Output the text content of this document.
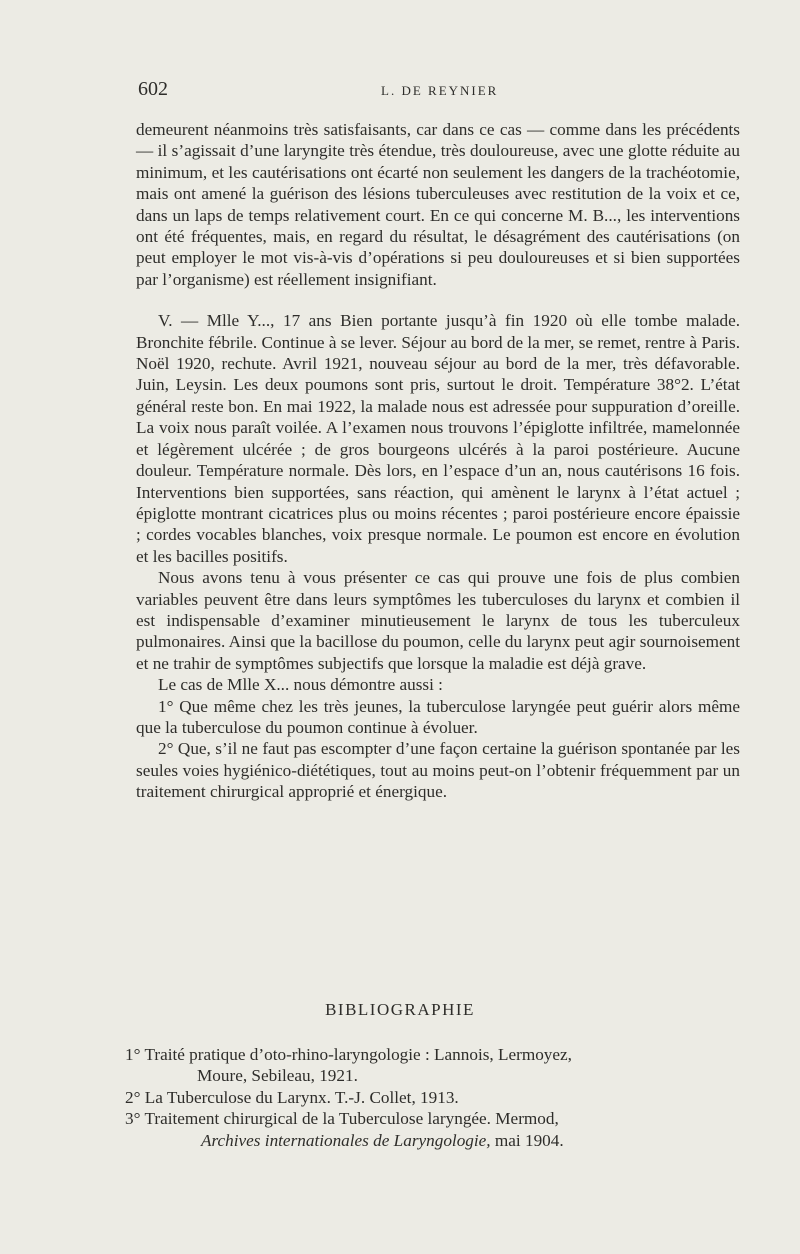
602	L. DE REYNIER

demeurent néanmoins très satisfaisants, car dans ce cas — comme dans les précédents — il s’agissait d’une laryngite très étendue, très douloureuse, avec une glotte réduite au minimum, et les cautérisations ont écarté non seulement les dangers de la trachéotomie, mais ont amené la guérison des lésions tuberculeuses avec restitution de la voix et ce, dans un laps de temps relativement court. En ce qui concerne M. B..., les interventions ont été fréquentes, mais, en regard du résultat, le désagrément des cautérisations (on peut employer le mot vis-à-vis d’opérations si peu douloureuses et si bien supportées par l’organisme) est réellement insignifiant.

V. — Mlle Y..., 17 ans Bien portante jusqu’à fin 1920 où elle tombe malade. Bronchite fébrile. Continue à se lever. Séjour au bord de la mer, se remet, rentre à Paris. Noël 1920, rechute. Avril 1921, nouveau séjour au bord de la mer, très défavorable. Juin, Leysin. Les deux poumons sont pris, surtout le droit. Température 38°2. L’état général reste bon. En mai 1922, la malade nous est adressée pour suppuration d’oreille. La voix nous paraît voilée. A l’examen nous trouvons l’épiglotte infiltrée, mamelonnée et légèrement ulcérée ; de gros bourgeons ulcérés à la paroi postérieure. Aucune douleur. Température normale. Dès lors, en l’espace d’un an, nous cautérisons 16 fois. Interventions bien supportées, sans réaction, qui amènent le larynx à l’état actuel ; épiglotte montrant cicatrices plus ou moins récentes ; paroi postérieure encore épaissie ; cordes vocables blanches, voix presque normale. Le poumon est encore en évolution et les bacilles positifs.

Nous avons tenu à vous présenter ce cas qui prouve une fois de plus combien variables peuvent être dans leurs symptômes les tuberculoses du larynx et combien il est indispensable d’examiner minutieusement le larynx de tous les tuberculeux pulmonaires. Ainsi que la bacillose du poumon, celle du larynx peut agir sournoisement et ne trahir de symptômes subjectifs que lorsque la maladie est déjà grave.

Le cas de Mlle X... nous démontre aussi :

1° Que même chez les très jeunes, la tuberculose laryngée peut guérir alors même que la tuberculose du poumon continue à évoluer.

2° Que, s’il ne faut pas escompter d’une façon certaine la guérison spontanée par les seules voies hygiénico-diététiques, tout au moins peut-on l’obtenir fréquemment par un traitement chirurgical approprié et énergique.

BIBLIOGRAPHIE

1° Traité pratique d’oto-rhino-laryngologie : Lannois, Lermoyez,

Moure, Sebileau, 1921.

2° La Tuberculose du Larynx. T.-J. Collet, 1913.

3° Traitement chirurgical de la Tuberculose laryngée. Mermod,

Archives internationales de Laryngologie, mai 1904.
